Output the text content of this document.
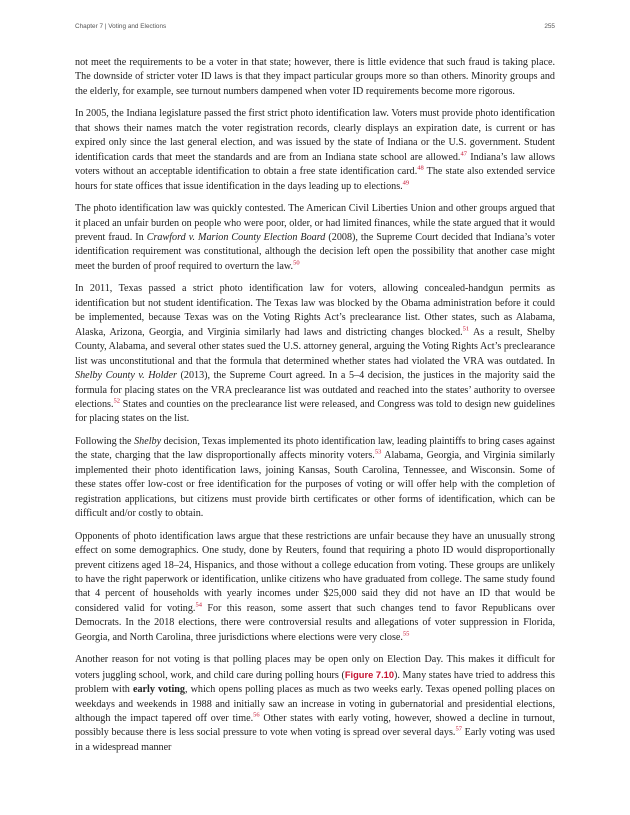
Chapter 7 | Voting and Elections	255

not meet the requirements to be a voter in that state; however, there is little evidence that such fraud is taking place. The downside of stricter voter ID laws is that they impact particular groups more so than others. Minority groups and the elderly, for example, see turnout numbers dampened when voter ID requirements become more rigorous.

In 2005, the Indiana legislature passed the first strict photo identification law. Voters must provide photo identification that shows their names match the voter registration records, clearly displays an expiration date, is current or has expired only since the last general election, and was issued by the state of Indiana or the U.S. government. Student identification cards that meet the standards and are from an Indiana state school are allowed.$^{47}$ Indiana’s law allows voters without an acceptable identification to obtain a free state identification card.$^{48}$ The state also extended service hours for state offices that issue identification in the days leading up to elections.$^{49}$

The photo identification law was quickly contested. The American Civil Liberties Union and other groups argued that it placed an unfair burden on people who were poor, older, or had limited finances, while the state argued that it would prevent fraud. In Crawford v. Marion County Election Board (2008), the Supreme Court decided that Indiana’s voter identification requirement was constitutional, although the decision left open the possibility that another case might meet the burden of proof required to overturn the law.$^{50}$

In 2011, Texas passed a strict photo identification law for voters, allowing concealed-handgun permits as identification but not student identification. The Texas law was blocked by the Obama administration before it could be implemented, because Texas was on the Voting Rights Act’s preclearance list. Other states, such as Alabama, Alaska, Arizona, Georgia, and Virginia similarly had laws and districting changes blocked.$^{51}$ As a result, Shelby County, Alabama, and several other states sued the U.S. attorney general, arguing the Voting Rights Act’s preclearance list was unconstitutional and that the formula that determined whether states had violated the VRA was outdated. In Shelby County v. Holder (2013), the Supreme Court agreed. In a 5–4 decision, the justices in the majority said the formula for placing states on the VRA preclearance list was outdated and reached into the states’ authority to oversee elections.$^{52}$ States and counties on the preclearance list were released, and Congress was told to design new guidelines for placing states on the list.

Following the Shelby decision, Texas implemented its photo identification law, leading plaintiffs to bring cases against the state, charging that the law disproportionally affects minority voters.$^{53}$ Alabama, Georgia, and Virginia similarly implemented their photo identification laws, joining Kansas, South Carolina, Tennessee, and Wisconsin. Some of these states offer low-cost or free identification for the purposes of voting or will offer help with the completion of registration applications, but citizens must provide birth certificates or other forms of identification, which can be difficult and/or costly to obtain.

Opponents of photo identification laws argue that these restrictions are unfair because they have an unusually strong effect on some demographics. One study, done by Reuters, found that requiring a photo ID would disproportionally prevent citizens aged 18–24, Hispanics, and those without a college education from voting. These groups are unlikely to have the right paperwork or identification, unlike citizens who have graduated from college. The same study found that 4 percent of households with yearly incomes under $25,000 said they did not have an ID that would be considered valid for voting.$^{54}$ For this reason, some assert that such changes tend to favor Republicans over Democrats. In the 2018 elections, there were controversial results and allegations of voter suppression in Florida, Georgia, and North Carolina, three jurisdictions where elections were very close.$^{55}$

Another reason for not voting is that polling places may be open only on Election Day. This makes it difficult for voters juggling school, work, and child care during polling hours (Figure 7.10). Many states have tried to address this problem with early voting, which opens polling places as much as two weeks early. Texas opened polling places on weekdays and weekends in 1988 and initially saw an increase in voting in gubernatorial and presidential elections, although the impact tapered off over time.$^{56}$ Other states with early voting, however, showed a decline in turnout, possibly because there is less social pressure to vote when voting is spread over several days.$^{57}$ Early voting was used in a widespread manner
